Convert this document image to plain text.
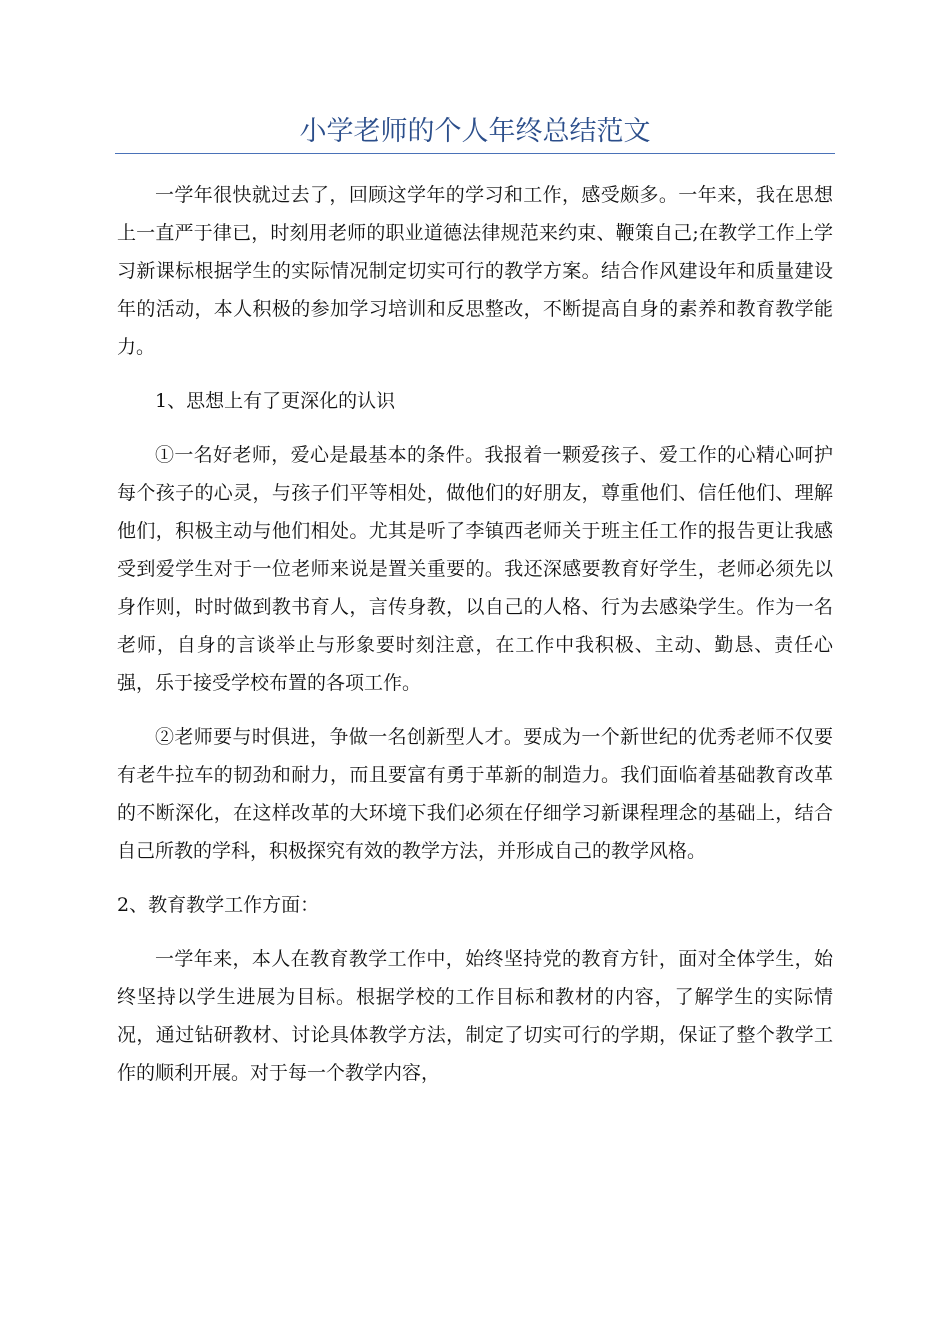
小学老师的个人年终总结范文

一学年很快就过去了，回顾这学年的学习和工作，感受颇多。一年来，我在思想上一直严于律已，时刻用老师的职业道德法律规范来约束、鞭策自己;在教学工作上学习新课标根据学生的实际情况制定切实可行的教学方案。结合作风建设年和质量建设年的活动，本人积极的参加学习培训和反思整改，不断提高自身的素养和教育教学能力。

1、思想上有了更深化的认识

①一名好老师，爱心是最基本的条件。我报着一颗爱孩子、爱工作的心精心呵护每个孩子的心灵，与孩子们平等相处，做他们的好朋友，尊重他们、信任他们、理解他们，积极主动与他们相处。尤其是听了李镇西老师关于班主任工作的报告更让我感受到爱学生对于一位老师来说是置关重要的。我还深感要教育好学生，老师必须先以身作则，时时做到教书育人，言传身教，以自己的人格、行为去感染学生。作为一名老师，自身的言谈举止与形象要时刻注意，在工作中我积极、主动、勤恳、责任心强，乐于接受学校布置的各项工作。

②老师要与时俱进，争做一名创新型人才。要成为一个新世纪的优秀老师不仅要有老牛拉车的韧劲和耐力，而且要富有勇于革新的制造力。我们面临着基础教育改革的不断深化，在这样改革的大环境下我们必须在仔细学习新课程理念的基础上，结合自己所教的学科，积极探究有效的教学方法，并形成自己的教学风格。

2、教育教学工作方面：

一学年来，本人在教育教学工作中，始终坚持党的教育方针，面对全体学生，始终坚持以学生进展为目标。根据学校的工作目标和教材的内容，了解学生的实际情况，通过钻研教材、讨论具体教学方法，制定了切实可行的学期，保证了整个教学工作的顺利开展。对于每一个教学内容，
